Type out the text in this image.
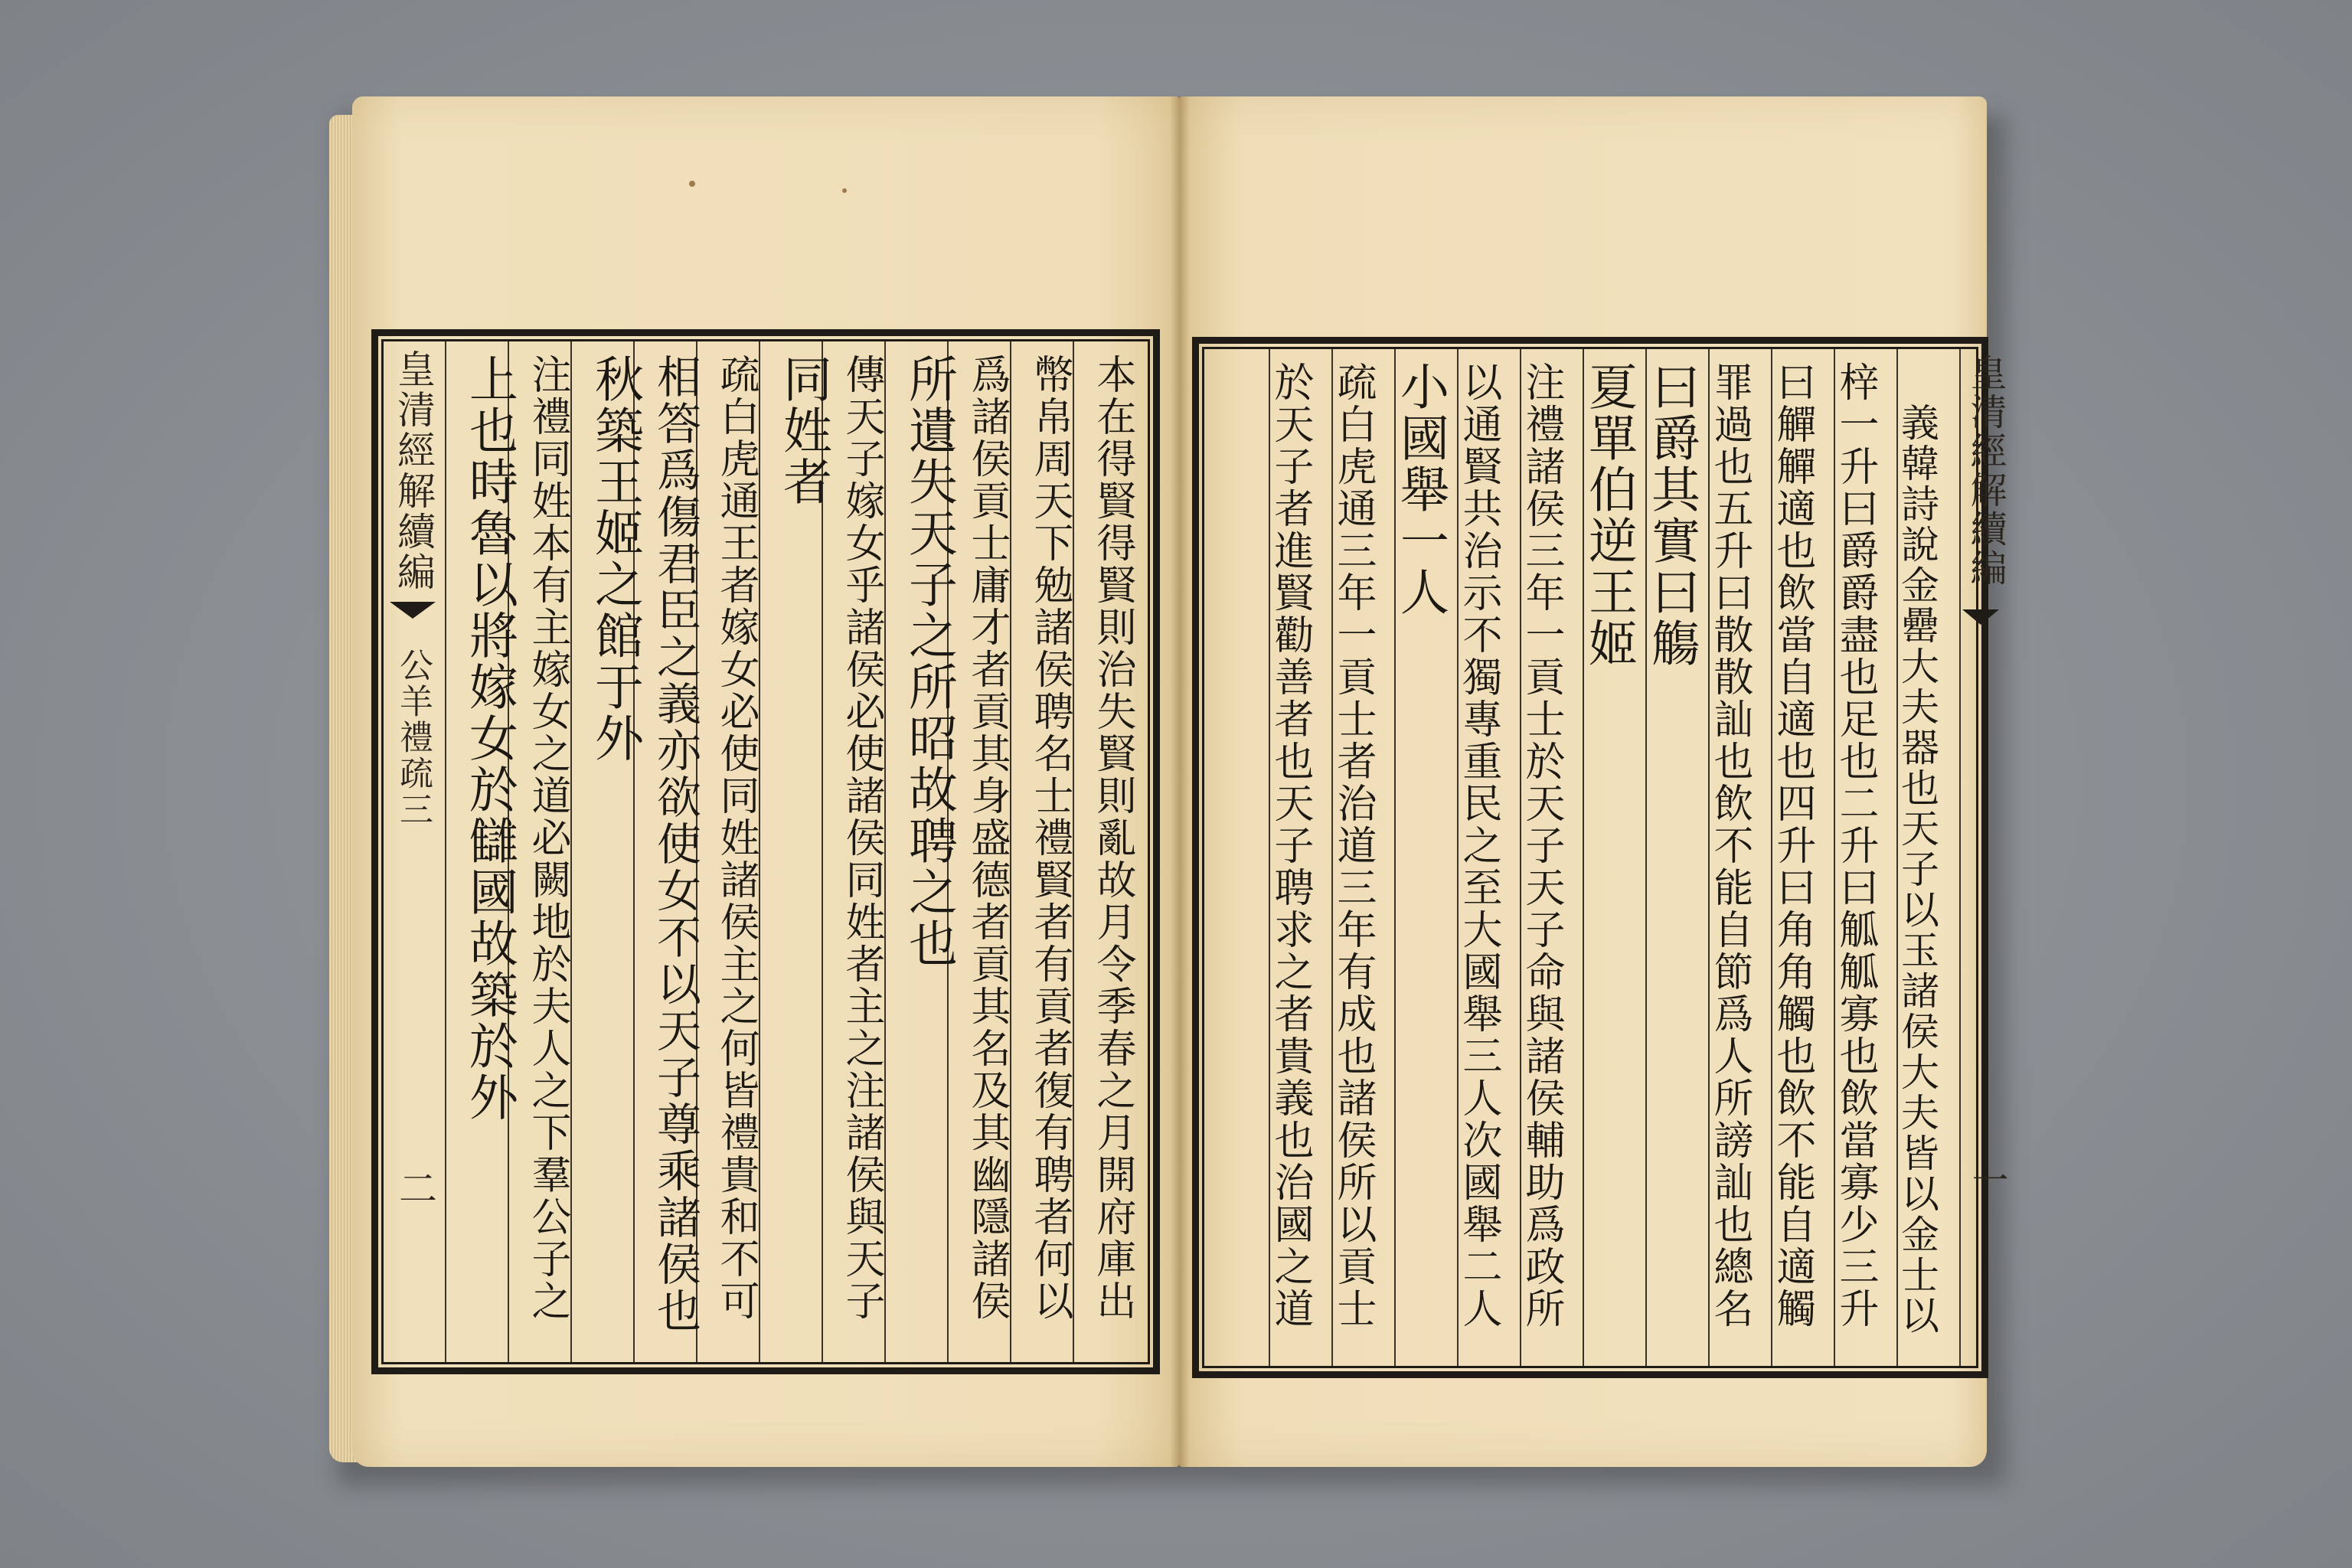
本在得賢得賢則治失賢則亂故月令季春之月開府庫出
幣帛周天下勉諸侯聘名士禮賢者有貢者復有聘者何以
爲諸侯貢士庸才者貢其身盛德者貢其名及其幽隱諸侯
所遺失天子之所昭故聘之也
傳天子嫁女乎諸侯必使諸侯同姓者主之注諸侯與天子
同姓者
疏白虎通王者嫁女必使同姓諸侯主之何皆禮貴和不可
相答爲傷君臣之義亦欲使女不以天子尊乘諸侯也
秋築王姬之館于外
注禮同姓本有主嫁女之道必闕地於夫人之下羣公子之
上也時魯以將嫁女於讎國故築於外
皇清經解續編
公羊禮疏三
二
皇清經解續編
一
義韓詩說金罍大夫器也天子以玉諸侯大夫皆以金士以
梓一升曰爵爵盡也足也二升曰觚觚寡也飲當寡少三升
曰觶觶適也飲當自適也四升曰角角觸也飲不能自適觸
罪過也五升曰散散訕也飲不能自節爲人所謗訕也總名
曰爵其實曰觴
夏單伯逆王姬
注禮諸侯三年一貢士於天子天子命與諸侯輔助爲政所
以通賢共治示不獨專重民之至大國舉三人次國舉二人
小國舉一人
疏白虎通三年一貢士者治道三年有成也諸侯所以貢士
於天子者進賢勸善者也天子聘求之者貴義也治國之道
